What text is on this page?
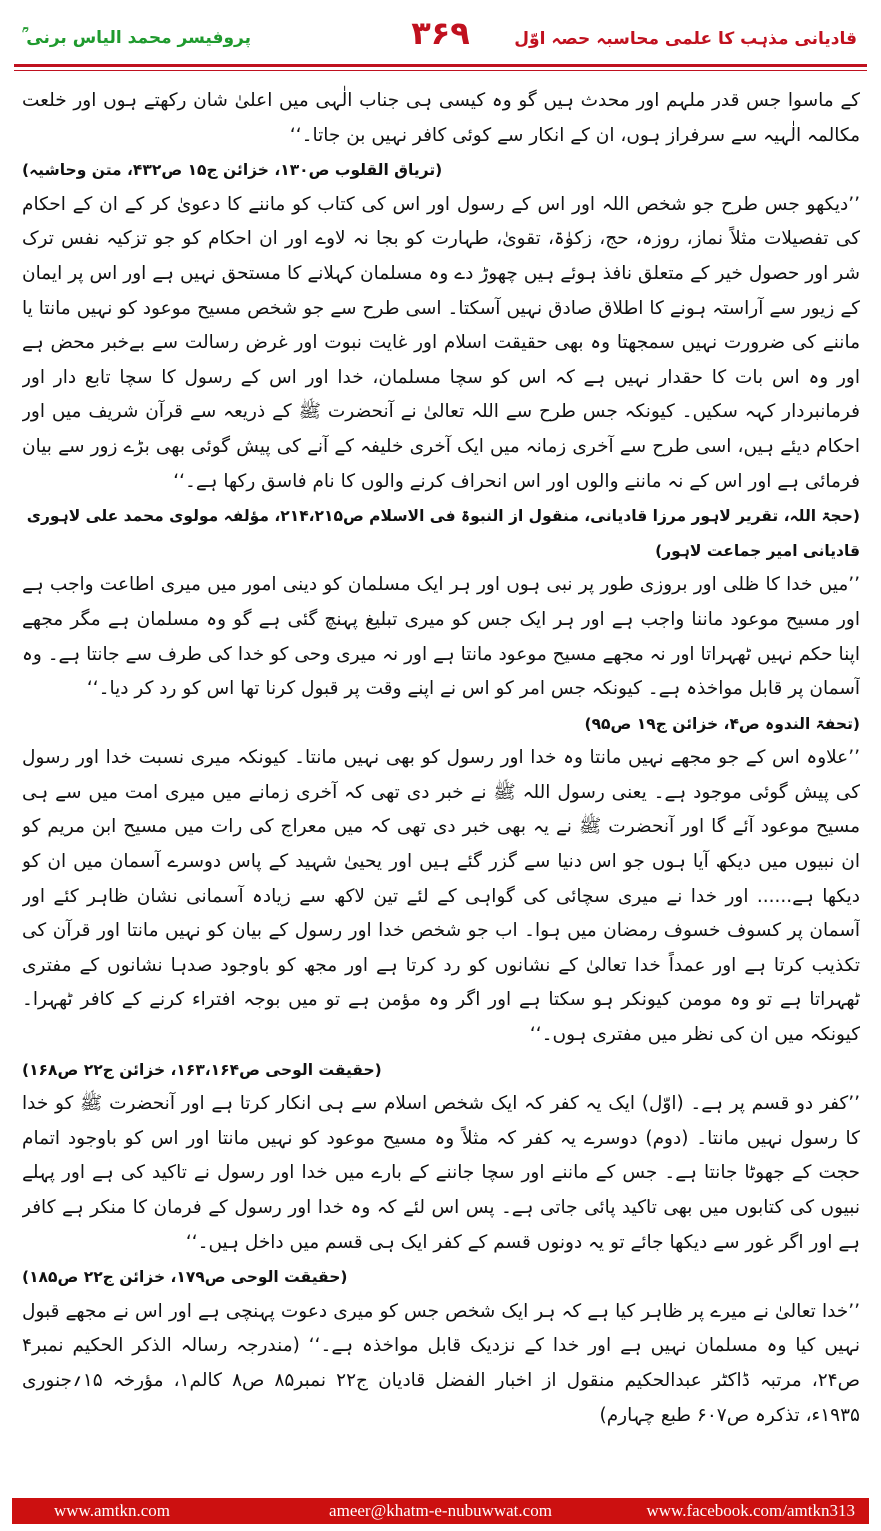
پروفیسر محمد الیاس برنی ؒ	۳۶۹	قادیانی مذہب کا علمی محاسبہ حصہ اوّل

کے ماسوا جس قدر ملہم اور محدث ہیں گو وہ کیسی ہی جناب الٰہی میں اعلیٰ شان رکھتے ہوں اور خلعت مکالمہ الٰہیہ سے سرفراز ہوں، ان کے انکار سے کوئی کافر نہیں بن جاتا۔‘‘

(تریاق القلوب ص۱۳۰، خزائن ج۱۵ ص۴۳۲، متن وحاشیہ)

’’دیکھو جس طرح جو شخص اللہ اور اس کے رسول اور اس کی کتاب کو ماننے کا دعویٰ کر کے ان کے احکام کی تفصیلات مثلاً نماز، روزہ، حج، زکوٰۃ، تقویٰ، طہارت کو بجا نہ لاوے اور ان احکام کو جو تزکیہ نفس ترک شر اور حصول خیر کے متعلق نافذ ہوئے ہیں چھوڑ دے وہ مسلمان کہلانے کا مستحق نہیں ہے اور اس پر ایمان کے زیور سے آراستہ ہونے کا اطلاق صادق نہیں آسکتا۔ اسی طرح سے جو شخص مسیح موعود کو نہیں مانتا یا ماننے کی ضرورت نہیں سمجھتا وہ بھی حقیقت اسلام اور غایت نبوت اور غرض رسالت سے بےخبر محض ہے اور وہ اس بات کا حقدار نہیں ہے کہ اس کو سچا مسلمان، خدا اور اس کے رسول کا سچا تابع دار اور فرمانبردار کہہ سکیں۔ کیونکہ جس طرح سے اللہ تعالیٰ نے آنحضرت ﷺ کے ذریعہ سے قرآن شریف میں اور احکام دیئے ہیں، اسی طرح سے آخری زمانہ میں ایک آخری خلیفہ کے آنے کی پیش گوئی بھی بڑے زور سے بیان فرمائی ہے اور اس کے نہ ماننے والوں اور اس انحراف کرنے والوں کا نام فاسق رکھا ہے۔‘‘

(حجۃ اللہ، تقریر لاہور مرزا قادیانی، منقول از النبوۃ فی الاسلام ص۲۱۴،۲۱۵، مؤلفہ مولوی محمد علی لاہوری قادیانی امیر جماعت لاہور)

’’میں خدا کا ظلی اور بروزی طور پر نبی ہوں اور ہر ایک مسلمان کو دینی امور میں میری اطاعت واجب ہے اور مسیح موعود ماننا واجب ہے اور ہر ایک جس کو میری تبلیغ پہنچ گئی ہے گو وہ مسلمان ہے مگر مجھے اپنا حکم نہیں ٹھہراتا اور نہ مجھے مسیح موعود مانتا ہے اور نہ میری وحی کو خدا کی طرف سے جانتا ہے۔ وہ آسمان پر قابل مواخذہ ہے۔ کیونکہ جس امر کو اس نے اپنے وقت پر قبول کرنا تھا اس کو رد کر دیا۔‘‘

(تحفۃ الندوہ ص۴، خزائن ج۱۹ ص۹۵)

’’علاوہ اس کے جو مجھے نہیں مانتا وہ خدا اور رسول کو بھی نہیں مانتا۔ کیونکہ میری نسبت خدا اور رسول کی پیش گوئی موجود ہے۔ یعنی رسول اللہ ﷺ نے خبر دی تھی کہ آخری زمانے میں میری امت میں سے ہی مسیح موعود آئے گا اور آنحضرت ﷺ نے یہ بھی خبر دی تھی کہ میں معراج کی رات میں مسیح ابن مریم کو ان نبیوں میں دیکھ آیا ہوں جو اس دنیا سے گزر گئے ہیں اور یحییٰ شہید کے پاس دوسرے آسمان میں ان کو دیکھا ہے...... اور خدا نے میری سچائی کی گواہی کے لئے تین لاکھ سے زیادہ آسمانی نشان ظاہر کئے اور آسمان پر کسوف خسوف رمضان میں ہوا۔ اب جو شخص خدا اور رسول کے بیان کو نہیں مانتا اور قرآن کی تکذیب کرتا ہے اور عمداً خدا تعالیٰ کے نشانوں کو رد کرتا ہے اور مجھ کو باوجود صدہا نشانوں کے مفتری ٹھہراتا ہے تو وہ مومن کیونکر ہو سکتا ہے اور اگر وہ مؤمن ہے تو میں بوجہ افتراء کرنے کے کافر ٹھہرا۔ کیونکہ میں ان کی نظر میں مفتری ہوں۔‘‘

(حقیقت الوحی ص۱۶۳،۱۶۴، خزائن ج۲۲ ص۱۶۸)

’’کفر دو قسم پر ہے۔ (اوّل) ایک یہ کفر کہ ایک شخص اسلام سے ہی انکار کرتا ہے اور آنحضرت ﷺ کو خدا کا رسول نہیں مانتا۔ (دوم) دوسرے یہ کفر کہ مثلاً وہ مسیح موعود کو نہیں مانتا اور اس کو باوجود اتمام حجت کے جھوٹا جانتا ہے۔ جس کے ماننے اور سچا جاننے کے بارے میں خدا اور رسول نے تاکید کی ہے اور پہلے نبیوں کی کتابوں میں بھی تاکید پائی جاتی ہے۔ پس اس لئے کہ وہ خدا اور رسول کے فرمان کا منکر ہے کافر ہے اور اگر غور سے دیکھا جائے تو یہ دونوں قسم کے کفر ایک ہی قسم میں داخل ہیں۔‘‘

(حقیقت الوحی ص۱۷۹، خزائن ج۲۲ ص۱۸۵)

’’خدا تعالیٰ نے میرے پر ظاہر کیا ہے کہ ہر ایک شخص جس کو میری دعوت پہنچی ہے اور اس نے مجھے قبول نہیں کیا وہ مسلمان نہیں ہے اور خدا کے نزدیک قابل مواخذہ ہے۔‘‘ (مندرجہ رسالہ الذکر الحکیم نمبر۴ ص۲۴، مرتبہ ڈاکٹر عبدالحکیم منقول از اخبار الفضل قادیان ج۲۲ نمبر۸۵ ص۸ کالم۱، مؤرخہ ۱۵؍جنوری ۱۹۳۵ء، تذکرہ ص۶۰۷ طبع چہارم)

www.amtkn.com	ameer@khatm-e-nubuwwat.com	www.facebook.com/amtkn313
